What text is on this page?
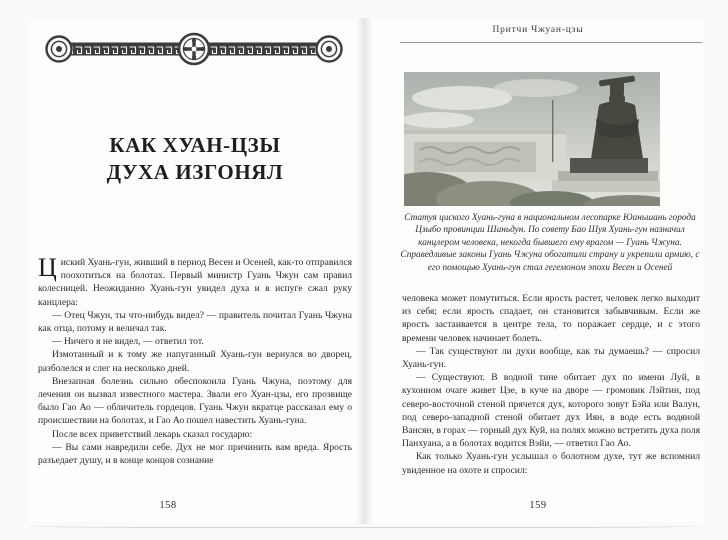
КАК ХУАН-ЦЗЫ
ДУХА ИЗГОНЯЛ

Циский Хуань-гун, живший в период Весен и Осеней, как-то отправился поохотиться на болотах. Первый министр Гуань Чжун сам правил колесницей. Неожиданно Хуань-гун увидел духа и в испуге сжал руку канцлера:

— Отец Чжун, ты что-нибудь видел? — правитель почитал Гуань Чжуна как отца, потому и величал так.

— Ничего я не видел, — ответил тот.

Измотанный и к тому же напуганный Хуань-гун вернулся во дворец, разболелся и слег на несколько дней.

Внезапная болезнь сильно обеспокоила Гуань Чжуна, поэтому для лечения он вызвал известного мастера. Звали его Хуан-цзы, его прозвище было Гао Ао — обличитель гордецов. Гуань Чжун вкратце рассказал ему о происшествии на болотах, и Гао Ао пошел навестить Хуань-гуна.

После всех приветствий лекарь сказал государю:

— Вы сами навредили себе. Дух не мог причинить вам вреда. Ярость разъедает душу, и в конце концов сознание

158
Притчи Чжуан-цзы
Статуя циского Хуань-гуна в национальном лесопарке Юаньшань города Цзыбо провинции Шаньдун. По совету Бао Шуя Хуань-гун назначил канцлером человека, некогда бывшего ему врагом — Гуань Чжуна. Справедливые законы Гуань Чжуна обогатили страну и укрепили армию, с его помощью Хуань-гун стал гегемоном эпохи Весен и Осеней

человека может помутиться. Если ярость растет, человек легко выходит из себя; если ярость спадает, он становится забывчивым. Если же ярость застаивается в центре тела, то поражает сердце, и с этого времени человек начинает болеть.

— Так существуют ли духи вообще, как ты думаешь? — спросил Хуань-гун.

— Существуют. В водной тине обитает дух по имени Луй, в кухонном очаге живет Цзе, в куче на дворе — громовик Лэйтин, под северо-восточной стеной прячется дух, которого зовут Бэйа или Валун, под северо-западной стеной обитает дух Иян, в воде есть водяной Вансян, в горах — горный дух Куй, на полях можно встретить духа поля Панхуана, а в болотах водится Вэйи, — ответил Гао Ао.

Как только Хуань-гун услышал о болотном духе, тут же вспомнил увиденное на охоте и спросил:

159
